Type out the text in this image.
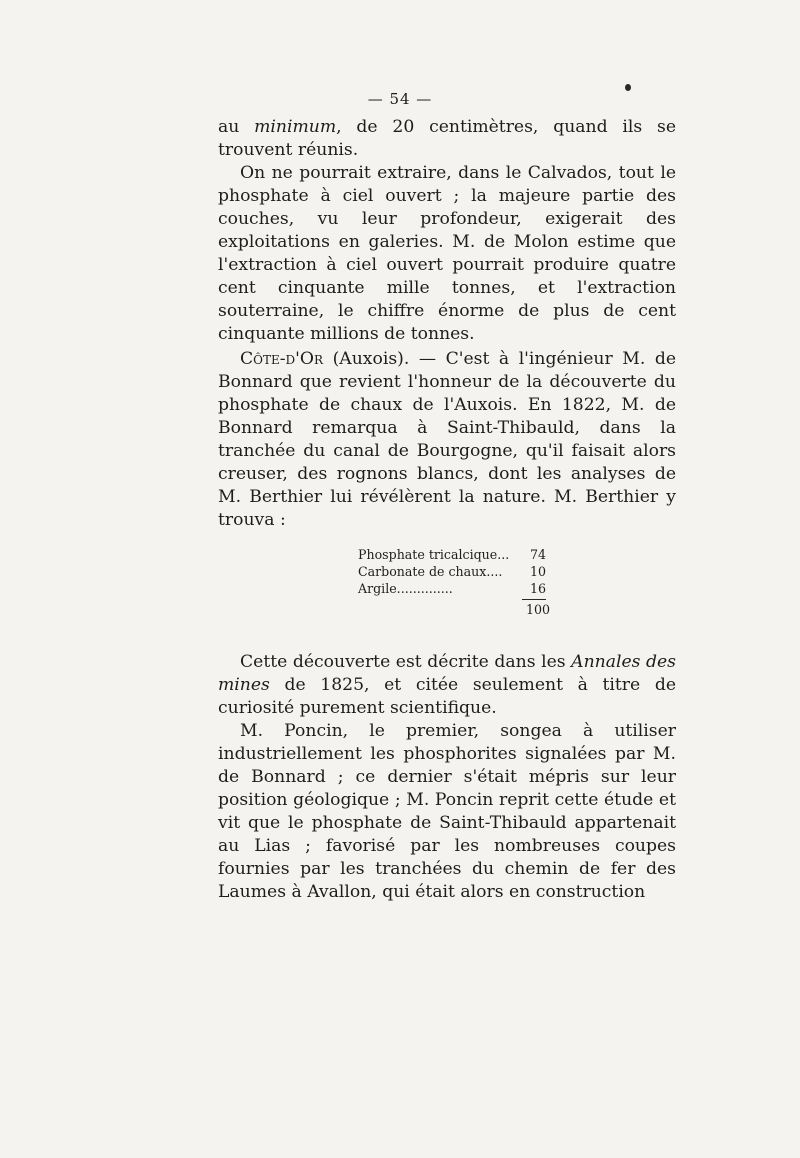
— 54 —

au minimum, de 20 centimètres, quand ils se trouvent réunis.

On ne pourrait extraire, dans le Calvados, tout le phosphate à ciel ouvert ; la majeure partie des couches, vu leur profondeur, exigerait des exploitations en galeries. M. de Molon estime que l'extraction à ciel ouvert pourrait produire quatre cent cinquante mille tonnes, et l'extraction souterraine, le chiffre énorme de plus de cent cinquante millions de tonnes.

Côte-d'Or (Auxois). — C'est à l'ingénieur M. de Bonnard que revient l'honneur de la découverte du phosphate de chaux de l'Auxois. En 1822, M. de Bonnard remarqua à Saint-Thibauld, dans la tranchée du canal de Bourgogne, qu'il faisait alors creuser, des rognons blancs, dont les analyses de M. Berthier lui révélèrent la nature. M. Berthier y trouva :

Phosphate tricalcique...	74
Carbonate de chaux....	10
Argile..............	16
100

Cette découverte est décrite dans les Annales des mines de 1825, et citée seulement à titre de curiosité purement scientifique.

M. Poncin, le premier, songea à utiliser industriellement les phosphorites signalées par M. de Bonnard ; ce dernier s'était mépris sur leur position géologique ; M. Poncin reprit cette étude et vit que le phosphate de Saint-Thibauld appartenait au Lias ; favorisé par les nombreuses coupes fournies par les tranchées du chemin de fer des Laumes à Avallon, qui était alors en construction
